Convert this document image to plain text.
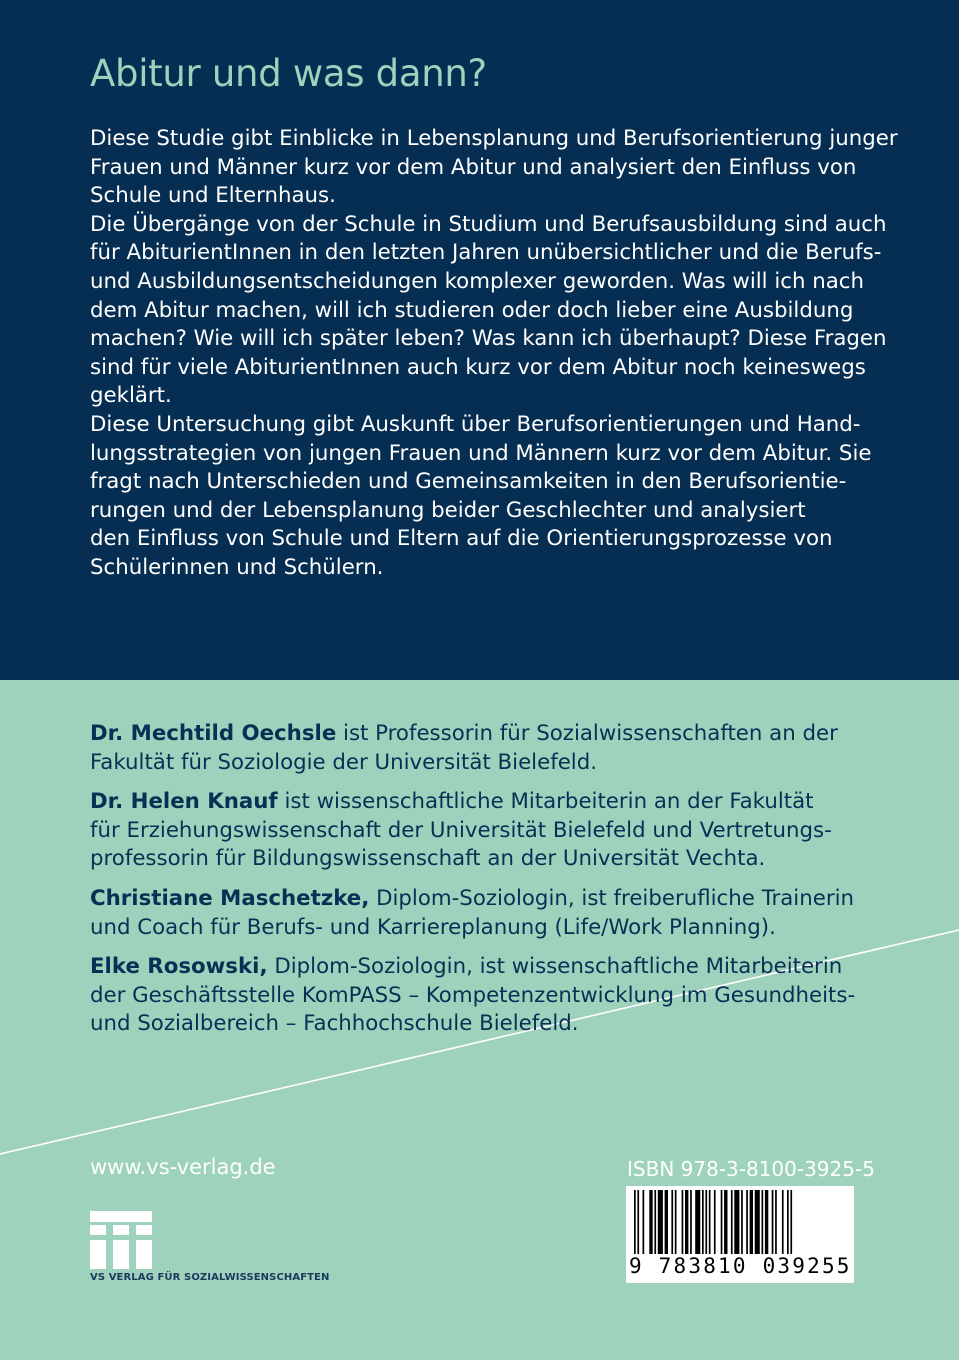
Abitur und was dann?

Diese Studie gibt Einblicke in Lebensplanung und Berufsorientierung junger
Frauen und Männer kurz vor dem Abitur und analysiert den Einfluss von
Schule und Elternhaus.

Die Übergänge von der Schule in Studium und Berufsausbildung sind auch
für AbiturientInnen in den letzten Jahren unübersichtlicher und die Berufs-
und Ausbildungsentscheidungen komplexer geworden. Was will ich nach
dem Abitur machen, will ich studieren oder doch lieber eine Ausbildung
machen? Wie will ich später leben? Was kann ich überhaupt? Diese Fragen
sind für viele AbiturientInnen auch kurz vor dem Abitur noch keineswegs
geklärt.

Diese Untersuchung gibt Auskunft über Berufsorientierungen und Hand-
lungsstrategien von jungen Frauen und Männern kurz vor dem Abitur. Sie
fragt nach Unterschieden und Gemeinsamkeiten in den Berufsorientie-
rungen und der Lebensplanung beider Geschlechter und analysiert
den Einfluss von Schule und Eltern auf die Orientierungsprozesse von
Schülerinnen und Schülern.

Dr. Mechtild Oechsle ist Professorin für Sozialwissenschaften an der
Fakultät für Soziologie der Universität Bielefeld.

Dr. Helen Knauf ist wissenschaftliche Mitarbeiterin an der Fakultät
für Erziehungswissenschaft der Universität Bielefeld und Vertretungs-
professorin für Bildungswissenschaft an der Universität Vechta.

Christiane Maschetzke, Diplom-Soziologin, ist freiberufliche Trainerin
und Coach für Berufs- und Karriereplanung (Life/Work Planning).

Elke Rosowski, Diplom-Soziologin, ist wissenschaftliche Mitarbeiterin
der Geschäftsstelle KomPASS – Kompetenzentwicklung im Gesundheits-
und Sozialbereich – Fachhochschule Bielefeld.

www.vs-verlag.de	ISBN 978-3-8100-3925-5
9 783810 039255
VS VERLAG FÜR SOZIALWISSENSCHAFTEN
